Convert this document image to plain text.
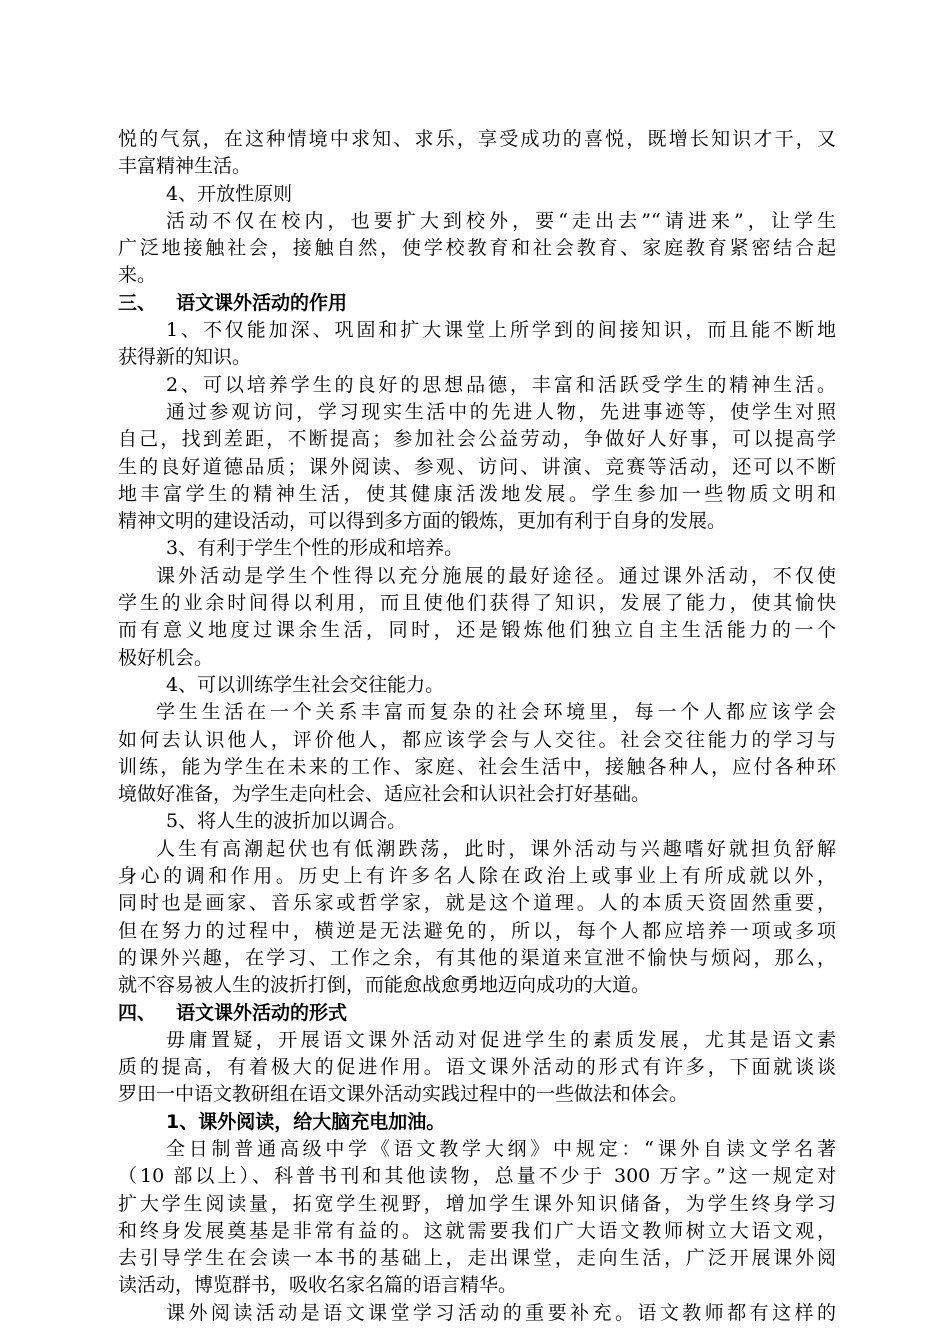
悦的气氛，在这种情境中求知、求乐，享受成功的喜悦，既增长知识才干，又
丰富精神生活。
4、开放性原则
活动不仅在校内，也要扩大到校外，要“走出去”“请进来”，让学生
广泛地接触社会，接触自然，使学校教育和社会教育、家庭教育紧密结合起
来。
三、 语文课外活动的作用
1、不仅能加深、巩固和扩大课堂上所学到的间接知识，而且能不断地
获得新的知识。
2、可以培养学生的良好的思想品德，丰富和活跃受学生的精神生活。
通过参观访问，学习现实生活中的先进人物，先进事迹等，使学生对照
自己，找到差距，不断提高；参加社会公益劳动，争做好人好事，可以提高学
生的良好道德品质；课外阅读、参观、访问、讲演、竞赛等活动，还可以不断
地丰富学生的精神生活，使其健康活泼地发展。学生参加一些物质文明和
精神文明的建设活动，可以得到多方面的锻炼，更加有利于自身的发展。
3、有利于学生个性的形成和培养。
课外活动是学生个性得以充分施展的最好途径。通过课外活动，不仅使
学生的业余时间得以利用，而且使他们获得了知识，发展了能力，使其愉快
而有意义地度过课余生活，同时，还是锻炼他们独立自主生活能力的一个
极好机会。
4、可以训练学生社会交往能力。
学生生活在一个关系丰富而复杂的社会环境里，每一个人都应该学会
如何去认识他人，评价他人，都应该学会与人交往。社会交往能力的学习与
训练，能为学生在未来的工作、家庭、社会生活中，接触各种人，应付各种环
境做好准备，为学生走向杜会、适应社会和认识社会打好基础。
5、将人生的波折加以调合。
人生有高潮起伏也有低潮跌荡，此时，课外活动与兴趣嗜好就担负舒解
身心的调和作用。历史上有许多名人除在政治上或事业上有所成就以外，
同时也是画家、音乐家或哲学家，就是这个道理。人的本质天资固然重要，
但在努力的过程中，横逆是无法避免的，所以，每个人都应培养一项或多项
的课外兴趣，在学习、工作之余，有其他的渠道来宣泄不愉快与烦闷，那么，
就不容易被人生的波折打倒，而能愈战愈勇地迈向成功的大道。
四、 语文课外活动的形式
毋庸置疑，开展语文课外活动对促进学生的素质发展，尤其是语文素
质的提高，有着极大的促进作用。语文课外活动的形式有许多，下面就谈谈
罗田一中语文教研组在语文课外活动实践过程中的一些做法和体会。
1、课外阅读，给大脑充电加油。
全日制普通高级中学《语文教学大纲》中规定：“课外自读文学名著
（10 部以上）、科普书刊和其他读物，总量不少于 300 万字。”这一规定对
扩大学生阅读量，拓宽学生视野，增加学生课外知识储备，为学生终身学习
和终身发展奠基是非常有益的。这就需要我们广大语文教师树立大语文观，
去引导学生在会读一本书的基础上，走出课堂，走向生活，广泛开展课外阅
读活动，博览群书，吸收名家名篇的语言精华。
课外阅读活动是语文课堂学习活动的重要补充。语文教师都有这样的
